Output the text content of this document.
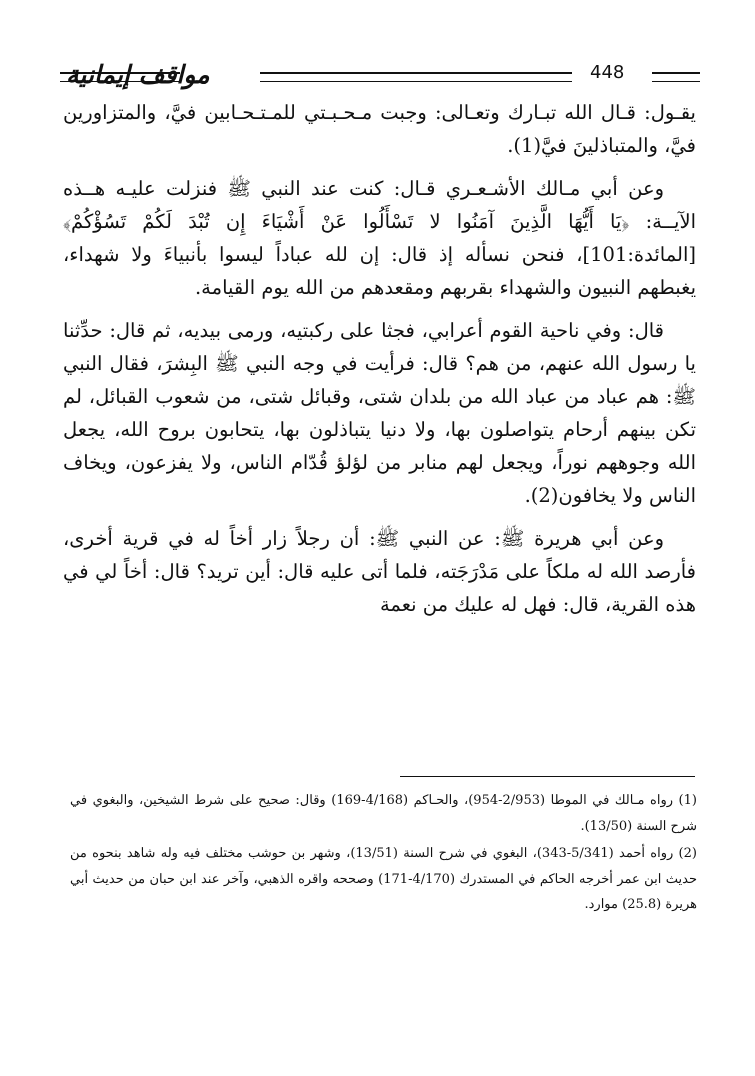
مواقف إيمانية	448

يقـول: قـال الله تبـارك وتعـالى: وجبت مـحـبـتي للمـتـحـابين فيَّ، والمتزاورين فيَّ، والمتباذلينَ فيَّ(1).

وعن أبي مـالك الأشـعـري قـال: كنت عند النبي ﷺ فنزلت عليـه هــذه الآيــة: ﴿يَا أَيُّهَا الَّذِينَ آمَنُوا لا تَسْأَلُوا عَنْ أَشْيَاءَ إِن تُبْدَ لَكُمْ تَسُؤْكُمْ﴾ [المائدة:101]، فنحن نسأله إذ قال: إن لله عباداً ليسوا بأنبياءَ ولا شهداء، يغبطهم النبيون والشهداء بقربهم ومقعدهم من الله يوم القيامة.

قال: وفي ناحية القوم أعرابي، فجثا على ركبتيه، ورمى بيديه، ثم قال: حدِّثنا يا رسول الله عنهم، من هم؟ قال: فرأيت في وجه النبي ﷺ البِشرَ، فقال النبي ﷺ: هم عباد من عباد الله من بلدان شتى، وقبائل شتى، من شعوب القبائل، لم تكن بينهم أرحام يتواصلون بها، ولا دنيا يتباذلون بها، يتحابون بروح الله، يجعل الله وجوههم نوراً، ويجعل لهم منابر من لؤلؤ قُدّام الناس، ولا يفزعون، ويخاف الناس ولا يخافون(2).

وعن أبي هريرة ﷺ: عن النبي ﷺ: أن رجلاً زار أخاً له في قرية أخرى، فأرصد الله له ملكاً على مَدْرَجَته، فلما أتى عليه قال: أين تريد؟ قال: أخاً لي في هذه القرية، قال: فهل له عليك من نعمة

(1) رواه مـالك في الموطا (2/953-954)، والحـاكم (4/168-169) وقال: صحيح على شرط الشيخين، والبغوي في شرح السنة (13/50).

(2) رواه أحمد (5/341-343)، البغوي في شرح السنة (13/51)، وشهر بن حوشب مختلف فيه وله شاهد بنحوه من حديث ابن عمر أخرجه الحاكم في المستدرك (4/170-171) وصححه واقره الذهبي، وآخر عند ابن حبان من حديث أبي هريرة (25.8) موارد.
